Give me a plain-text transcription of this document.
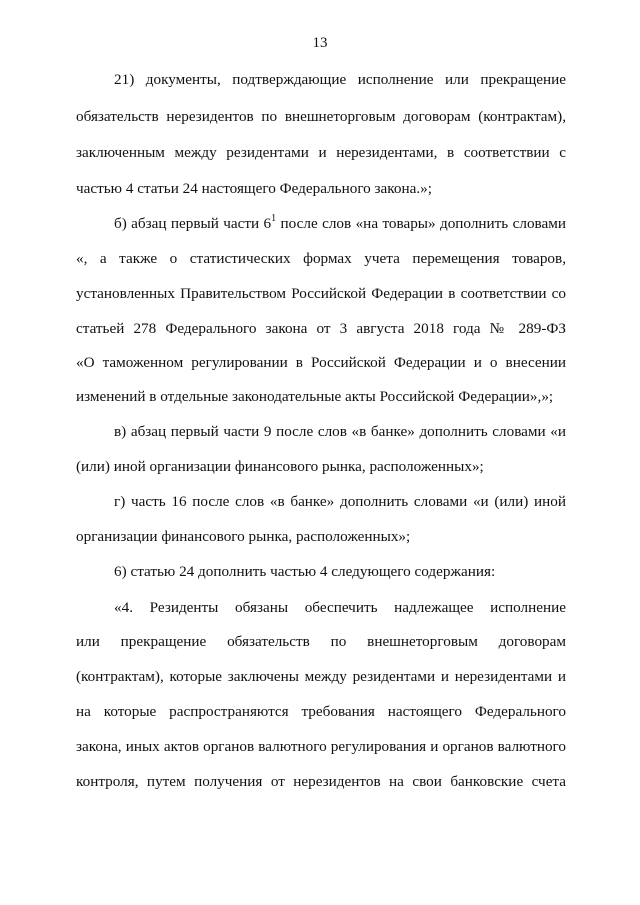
13
21) документы, подтверждающие исполнение или прекращение
обязательств нерезидентов по внешнеторговым договорам (контрактам),
заключенным между резидентами и нерезидентами, в соответствии с
частью 4 статьи 24 настоящего Федерального закона.»;
б) абзац первый части $6^1$ после слов «на товары» дополнить словами
«, а также о статистических формах учета перемещения товаров,
установленных Правительством Российской Федерации в соответствии со
статьей 278 Федерального закона от 3 августа 2018 года № 289-ФЗ
«О таможенном регулировании в Российской Федерации и о внесении
изменений в отдельные законодательные акты Российской Федерации»,»;
в) абзац первый части 9 после слов «в банке» дополнить словами «и
(или) иной организации финансового рынка, расположенных»;
г) часть 16 после слов «в банке» дополнить словами «и (или) иной
организации финансового рынка, расположенных»;
6) статью 24 дополнить частью 4 следующего содержания:
«4. Резиденты обязаны обеспечить надлежащее исполнение
или прекращение обязательств по внешнеторговым договорам
(контрактам), которые заключены между резидентами и нерезидентами и
на которые распространяются требования настоящего Федерального
закона, иных актов органов валютного регулирования и органов валютного
контроля, путем получения от нерезидентов на свои банковские счета
